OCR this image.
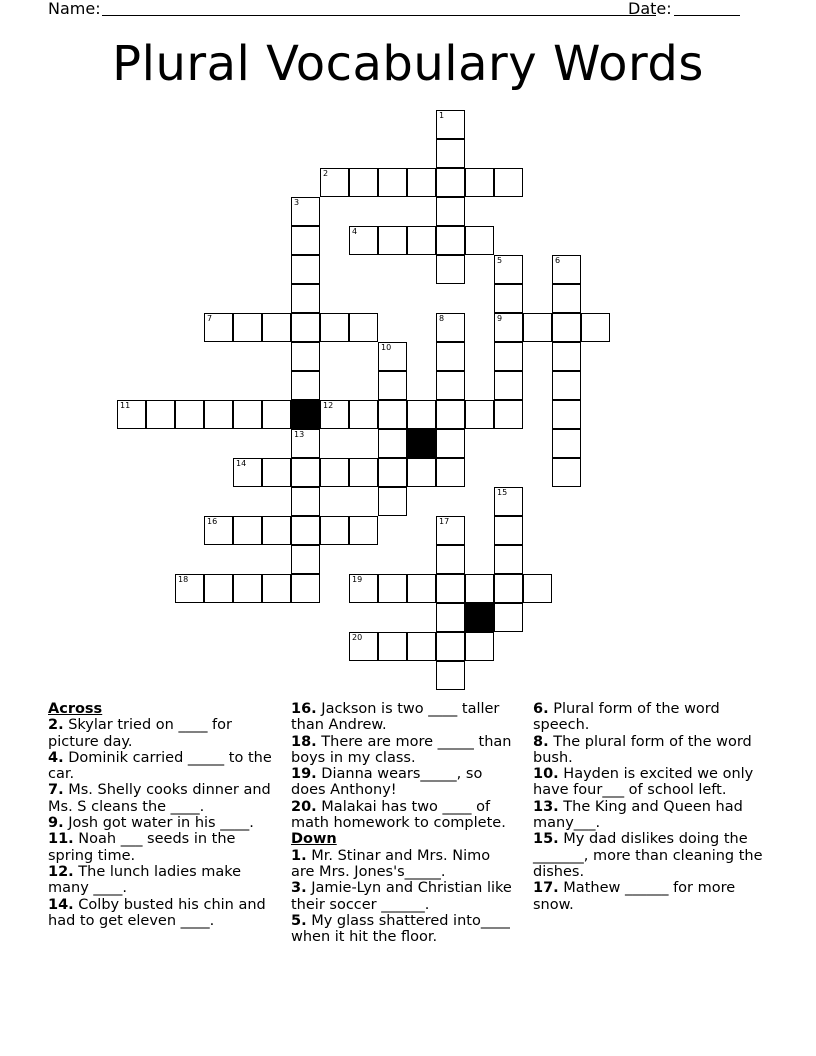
Name:	Date:
Plural Vocabulary Words
1
2
3
4
5	6
7	8	9
10
11	12
13
14
15
16	17
18	19
20
Across
2. Skylar tried on ____ for picture day.
4. Dominik carried _____ to the car.
7. Ms. Shelly cooks dinner and Ms. S cleans the ____.
9. Josh got water in his ____.
11. Noah ___ seeds in the spring time.
12. The lunch ladies make many ____.
14. Colby busted his chin and had to get eleven ____.
16. Jackson is two ____ taller than Andrew.
18. There are more _____ than boys in my class.
19. Dianna wears_____, so does Anthony!
20. Malakai has two ____ of math homework to complete.
Down
1. Mr. Stinar and Mrs. Nimo are Mrs. Jones's_____.
3. Jamie-Lyn and Christian like their soccer ______.
5. My glass shattered into____ when it hit the floor.
6. Plural form of the word speech.
8. The plural form of the word bush.
10. Hayden is excited we only have four___ of school left.
13. The King and Queen had many___.
15. My dad dislikes doing the _______, more than cleaning the dishes.
17. Mathew ______ for more snow.
